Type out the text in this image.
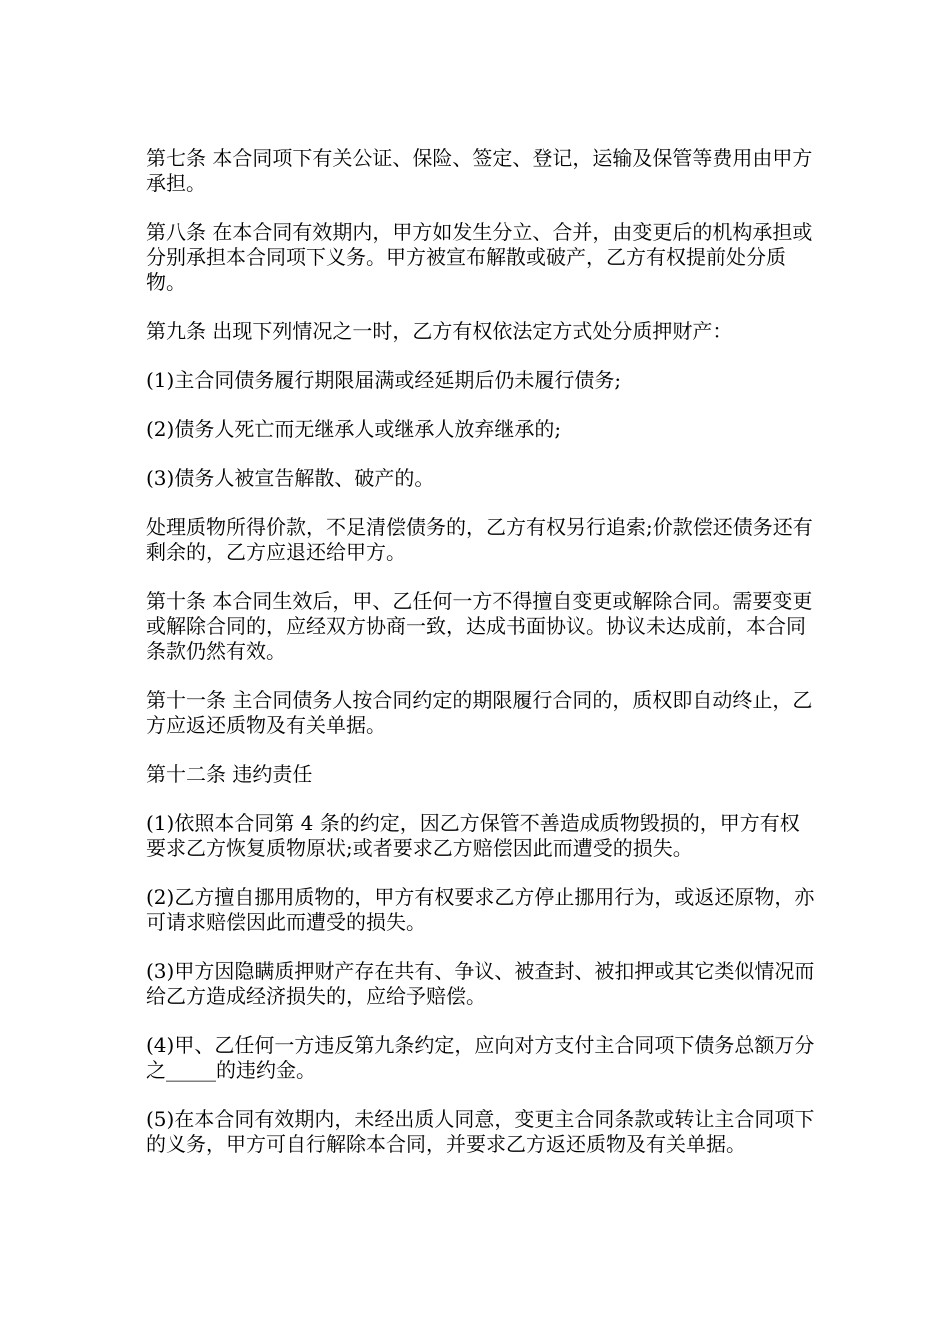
第七条 本合同项下有关公证、保险、签定、登记，运输及保管等费用由甲方承担。

第八条 在本合同有效期内，甲方如发生分立、合并，由变更后的机构承担或分别承担本合同项下义务。甲方被宣布解散或破产，乙方有权提前处分质物。

第九条 出现下列情况之一时，乙方有权依法定方式处分质押财产：

(1)主合同债务履行期限届满或经延期后仍未履行债务;

(2)债务人死亡而无继承人或继承人放弃继承的;

(3)债务人被宣告解散、破产的。

处理质物所得价款，不足清偿债务的，乙方有权另行追索;价款偿还债务还有剩余的，乙方应退还给甲方。

第十条 本合同生效后，甲、乙任何一方不得擅自变更或解除合同。需要变更或解除合同的，应经双方协商一致，达成书面协议。协议未达成前，本合同条款仍然有效。

第十一条 主合同债务人按合同约定的期限履行合同的，质权即自动终止，乙方应返还质物及有关单据。

第十二条 违约责任

(1)依照本合同第 4 条的约定，因乙方保管不善造成质物毁损的，甲方有权要求乙方恢复质物原状;或者要求乙方赔偿因此而遭受的损失。

(2)乙方擅自挪用质物的，甲方有权要求乙方停止挪用行为，或返还原物，亦可请求赔偿因此而遭受的损失。

(3)甲方因隐瞒质押财产存在共有、争议、被查封、被扣押或其它类似情况而给乙方造成经济损失的，应给予赔偿。

(4)甲、乙任何一方违反第九条约定，应向对方支付主合同项下债务总额万分之_____的违约金。

(5)在本合同有效期内，未经出质人同意，变更主合同条款或转让主合同项下的义务，甲方可自行解除本合同，并要求乙方返还质物及有关单据。
